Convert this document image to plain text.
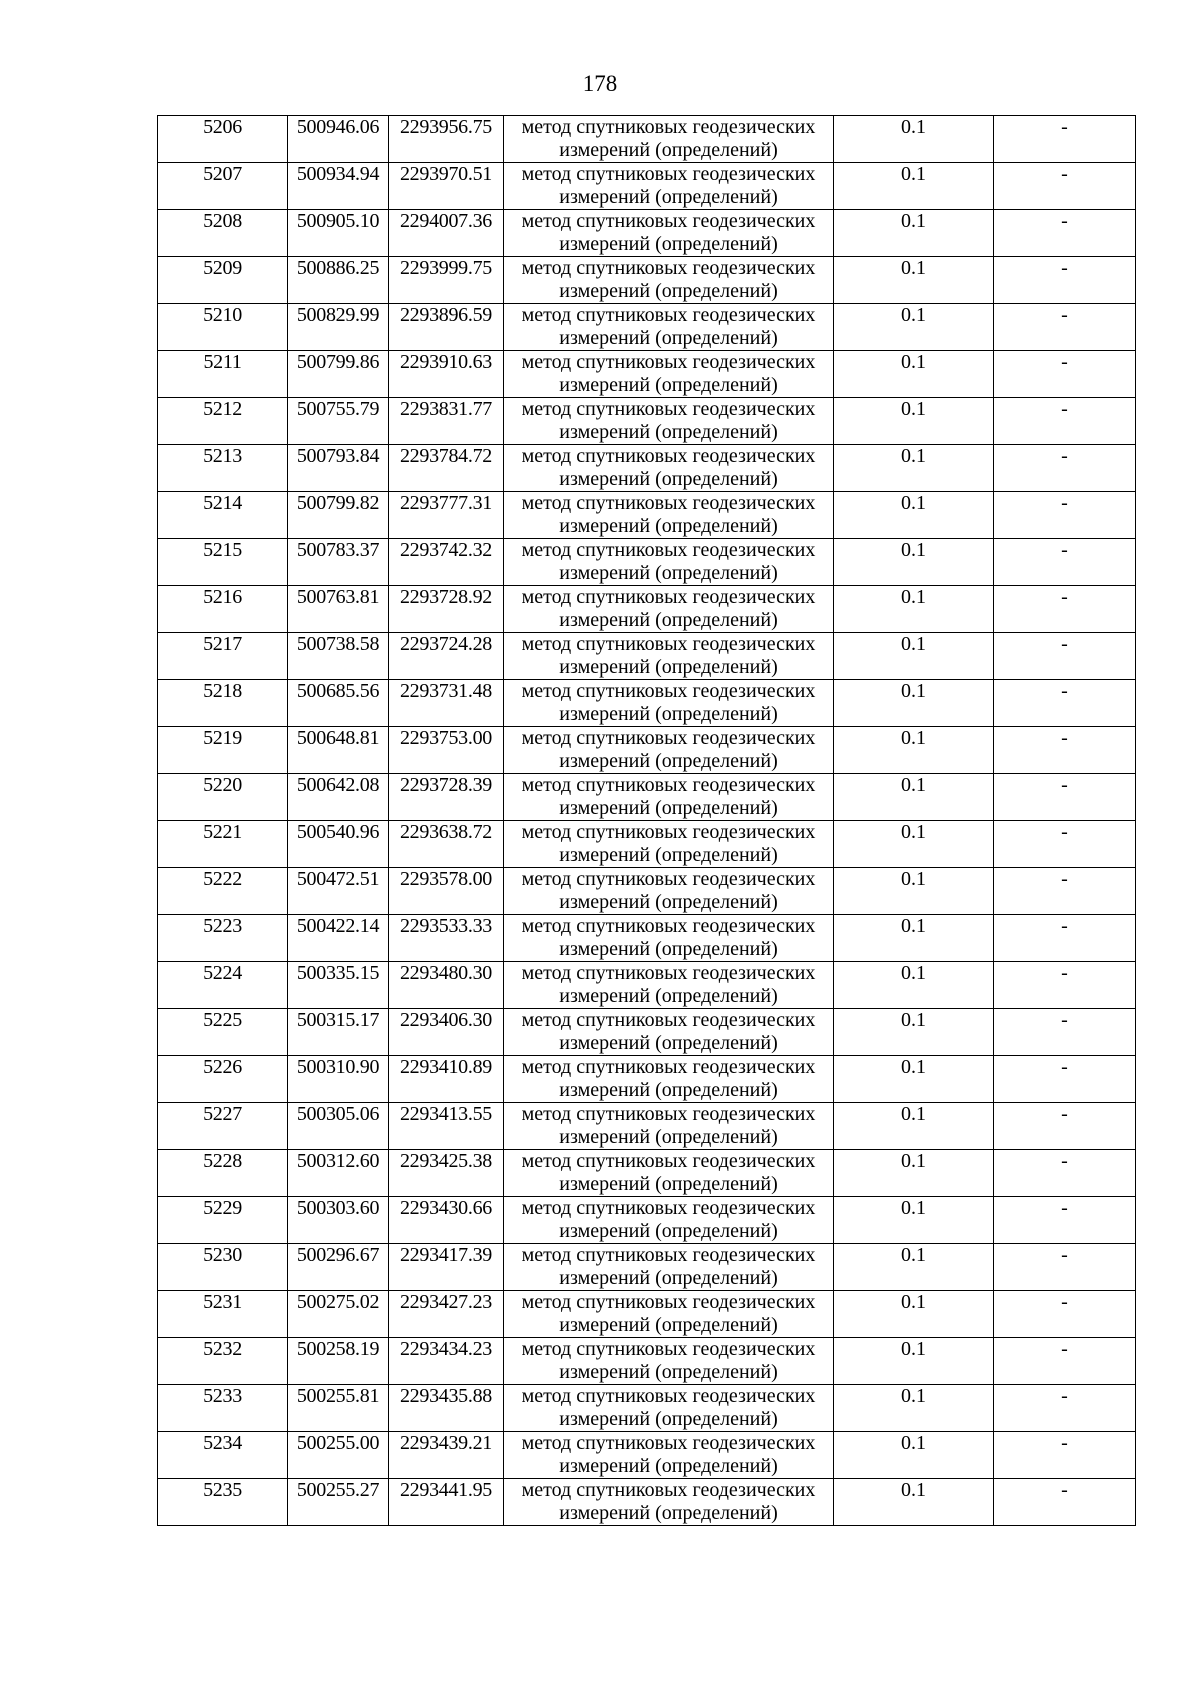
178
5206	500946.06	2293956.75	метод спутниковых геодезических
измерений (определений)	0.1	-
5207	500934.94	2293970.51	метод спутниковых геодезических
измерений (определений)	0.1	-
5208	500905.10	2294007.36	метод спутниковых геодезических
измерений (определений)	0.1	-
5209	500886.25	2293999.75	метод спутниковых геодезических
измерений (определений)	0.1	-
5210	500829.99	2293896.59	метод спутниковых геодезических
измерений (определений)	0.1	-
5211	500799.86	2293910.63	метод спутниковых геодезических
измерений (определений)	0.1	-
5212	500755.79	2293831.77	метод спутниковых геодезических
измерений (определений)	0.1	-
5213	500793.84	2293784.72	метод спутниковых геодезических
измерений (определений)	0.1	-
5214	500799.82	2293777.31	метод спутниковых геодезических
измерений (определений)	0.1	-
5215	500783.37	2293742.32	метод спутниковых геодезических
измерений (определений)	0.1	-
5216	500763.81	2293728.92	метод спутниковых геодезических
измерений (определений)	0.1	-
5217	500738.58	2293724.28	метод спутниковых геодезических
измерений (определений)	0.1	-
5218	500685.56	2293731.48	метод спутниковых геодезических
измерений (определений)	0.1	-
5219	500648.81	2293753.00	метод спутниковых геодезических
измерений (определений)	0.1	-
5220	500642.08	2293728.39	метод спутниковых геодезических
измерений (определений)	0.1	-
5221	500540.96	2293638.72	метод спутниковых геодезических
измерений (определений)	0.1	-
5222	500472.51	2293578.00	метод спутниковых геодезических
измерений (определений)	0.1	-
5223	500422.14	2293533.33	метод спутниковых геодезических
измерений (определений)	0.1	-
5224	500335.15	2293480.30	метод спутниковых геодезических
измерений (определений)	0.1	-
5225	500315.17	2293406.30	метод спутниковых геодезических
измерений (определений)	0.1	-
5226	500310.90	2293410.89	метод спутниковых геодезических
измерений (определений)	0.1	-
5227	500305.06	2293413.55	метод спутниковых геодезических
измерений (определений)	0.1	-
5228	500312.60	2293425.38	метод спутниковых геодезических
измерений (определений)	0.1	-
5229	500303.60	2293430.66	метод спутниковых геодезических
измерений (определений)	0.1	-
5230	500296.67	2293417.39	метод спутниковых геодезических
измерений (определений)	0.1	-
5231	500275.02	2293427.23	метод спутниковых геодезических
измерений (определений)	0.1	-
5232	500258.19	2293434.23	метод спутниковых геодезических
измерений (определений)	0.1	-
5233	500255.81	2293435.88	метод спутниковых геодезических
измерений (определений)	0.1	-
5234	500255.00	2293439.21	метод спутниковых геодезических
измерений (определений)	0.1	-
5235	500255.27	2293441.95	метод спутниковых геодезических
измерений (определений)	0.1	-
